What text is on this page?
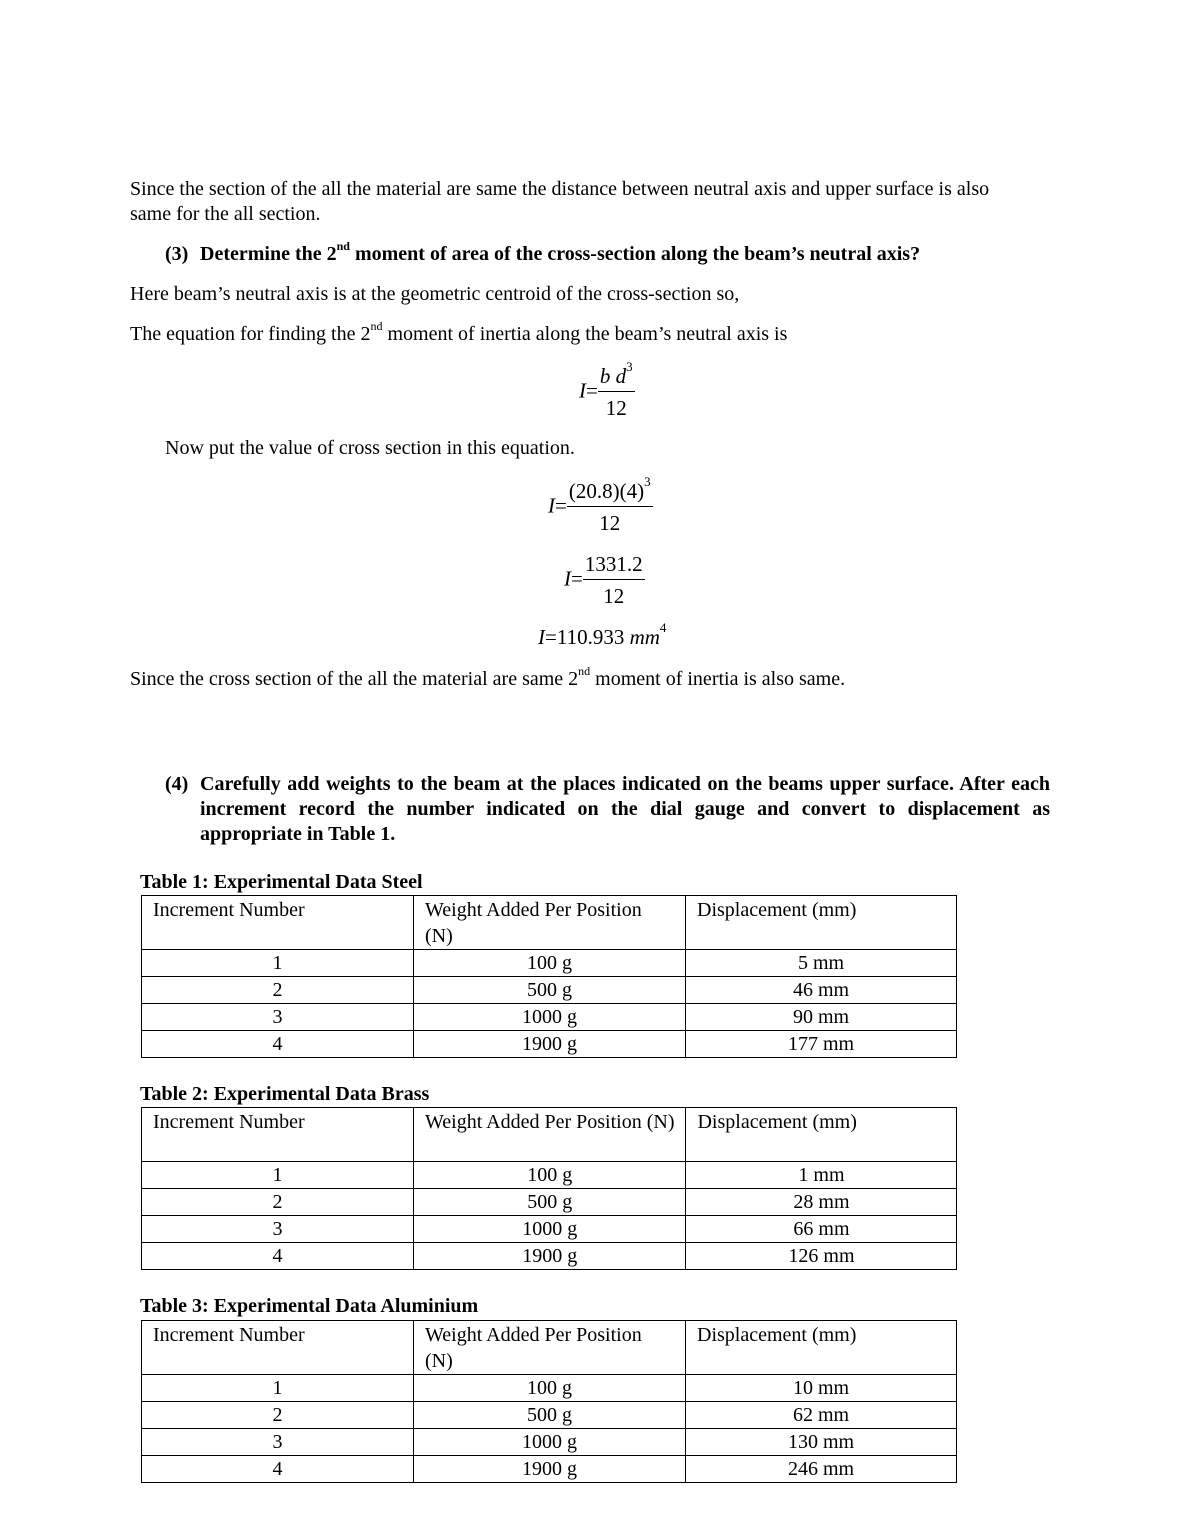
Since the section of the all the material are same the distance between neutral axis and upper surface is also
same for the all section.
(3) Determine the 2nd moment of area of the cross-section along the beam’s neutral axis?
Here beam’s neutral axis is at the geometric centroid of the cross-section so,
The equation for finding the 2nd moment of inertia along the beam’s neutral axis is
$I= \frac{b d^3}{12}$
Now put the value of cross section in this equation.
$I= \frac{(20.8)(4)^3}{12}$
$I= \frac{1331.2}{12}$
I=110.933 $mm^4$
Since the cross section of the all the material are same 2nd moment of inertia is also same.
(4) Carefully add weights to the beam at the places indicated on the beams upper surface. After each increment record the number indicated on the dial gauge and convert to displacement as appropriate in Table 1.
Table 1: Experimental Data Steel
Increment Number	Weight Added Per Position (N)	Displacement (mm)
1	100 g	5 mm
2	500 g	46 mm
3	1000 g	90 mm
4	1900 g	177 mm
Table 2: Experimental Data Brass
Increment Number	Weight Added Per Position (N)	Displacement (mm)
1	100 g	1 mm
2	500 g	28 mm
3	1000 g	66 mm
4	1900 g	126 mm
Table 3: Experimental Data Aluminium
Increment Number	Weight Added Per Position (N)	Displacement (mm)
1	100 g	10 mm
2	500 g	62 mm
3	1000 g	130 mm
4	1900 g	246 mm
